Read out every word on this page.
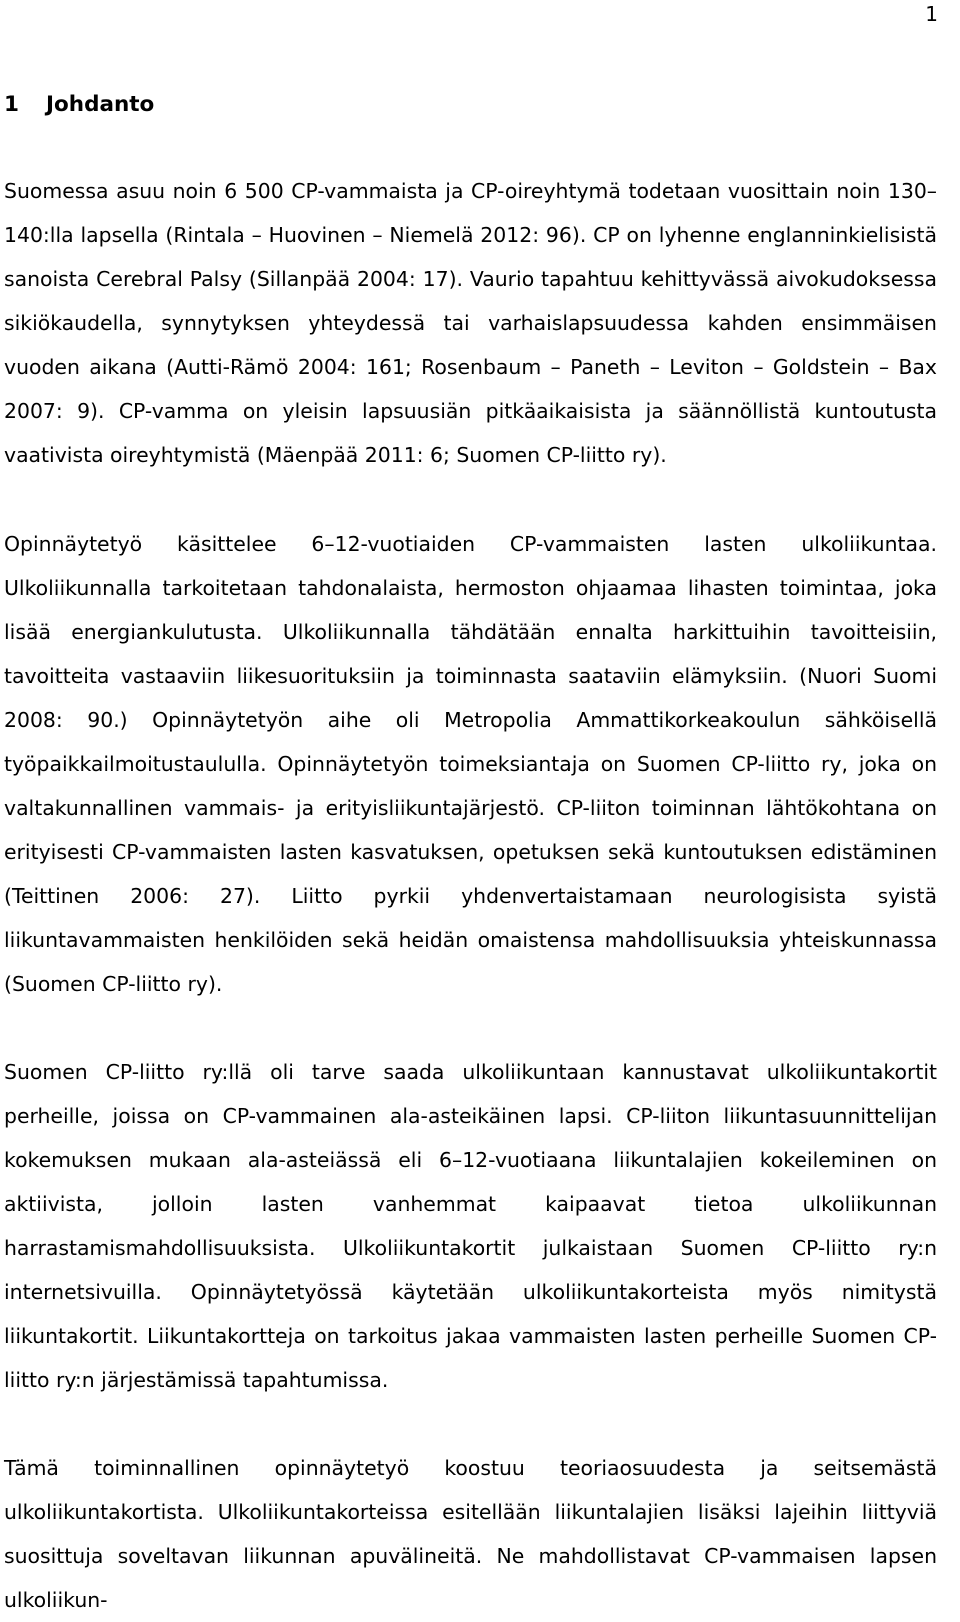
1
1 Johdanto

Suomessa asuu noin 6 500 CP-vammaista ja CP-oireyhtymä todetaan vuosittain noin 130–140:lla lapsella (Rintala – Huovinen – Niemelä 2012: 96). CP on lyhenne englanninkielisistä sanoista Cerebral Palsy (Sillanpää 2004: 17). Vaurio tapahtuu kehittyvässä aivokudoksessa sikiökaudella, synnytyksen yhteydessä tai varhaislapsuudessa kahden ensimmäisen vuoden aikana (Autti-Rämö 2004: 161; Rosenbaum – Paneth – Leviton – Goldstein – Bax 2007: 9). CP-vamma on yleisin lapsuusiän pitkäaikaisista ja säännöllistä kuntoutusta vaativista oireyhtymistä (Mäenpää 2011: 6; Suomen CP-liitto ry).

Opinnäytetyö käsittelee 6–12-vuotiaiden CP-vammaisten lasten ulkoliikuntaa. Ulkoliikunnalla tarkoitetaan tahdonalaista, hermoston ohjaamaa lihasten toimintaa, joka lisää energiankulutusta. Ulkoliikunnalla tähdätään ennalta harkittuihin tavoitteisiin, tavoitteita vastaaviin liikesuorituksiin ja toiminnasta saataviin elämyksiin. (Nuori Suomi 2008: 90.) Opinnäytetyön aihe oli Metropolia Ammattikorkeakoulun sähköisellä työpaikkailmoitustaululla. Opinnäytetyön toimeksiantaja on Suomen CP-liitto ry, joka on valtakunnallinen vammais- ja erityisliikuntajärjestö. CP-liiton toiminnan lähtökohtana on erityisesti CP-vammaisten lasten kasvatuksen, opetuksen sekä kuntoutuksen edistäminen (Teittinen 2006: 27). Liitto pyrkii yhdenvertaistamaan neurologisista syistä liikuntavammaisten henkilöiden sekä heidän omaistensa mahdollisuuksia yhteiskunnassa (Suomen CP-liitto ry).

Suomen CP-liitto ry:llä oli tarve saada ulkoliikuntaan kannustavat ulkoliikuntakortit perheille, joissa on CP-vammainen ala-asteikäinen lapsi. CP-liiton liikuntasuunnittelijan kokemuksen mukaan ala-asteiässä eli 6–12-vuotiaana liikuntalajien kokeileminen on aktiivista, jolloin lasten vanhemmat kaipaavat tietoa ulkoliikunnan harrastamismahdollisuuksista. Ulkoliikuntakortit julkaistaan Suomen CP-liitto ry:n internetsivuilla. Opinnäytetyössä käytetään ulkoliikuntakorteista myös nimitystä liikuntakortit. Liikuntakortteja on tarkoitus jakaa vammaisten lasten perheille Suomen CP-liitto ry:n järjestämissä tapahtumissa.

Tämä toiminnallinen opinnäytetyö koostuu teoriaosuudesta ja seitsemästä ulkoliikuntakortista. Ulkoliikuntakorteissa esitellään liikuntalajien lisäksi lajeihin liittyviä suosittuja soveltavan liikunnan apuvälineitä. Ne mahdollistavat CP-vammaisen lapsen ulkoliikun-
